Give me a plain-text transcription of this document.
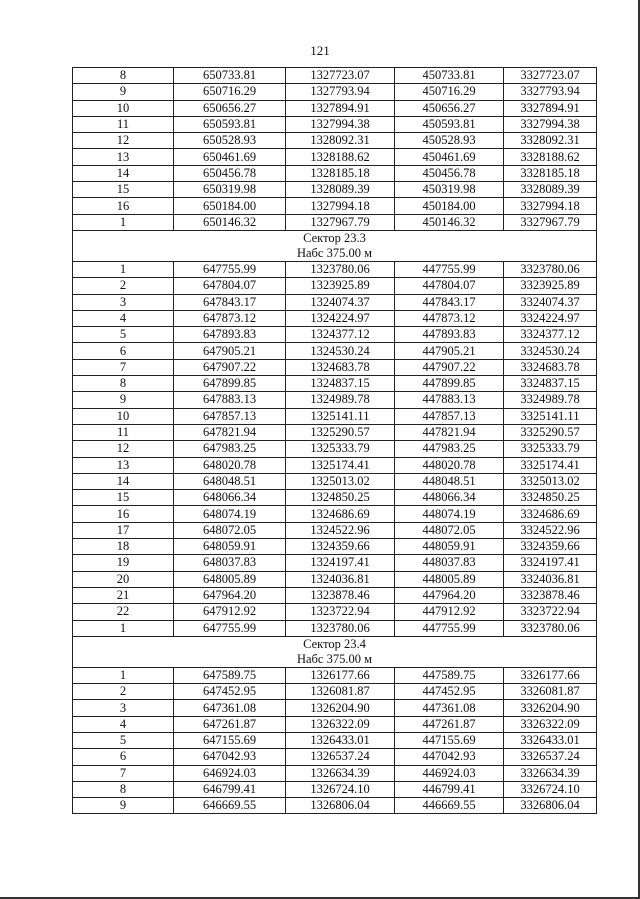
121
8	650733.81	1327723.07	450733.81	3327723.07
9	650716.29	1327793.94	450716.29	3327793.94
10	650656.27	1327894.91	450656.27	3327894.91
11	650593.81	1327994.38	450593.81	3327994.38
12	650528.93	1328092.31	450528.93	3328092.31
13	650461.69	1328188.62	450461.69	3328188.62
14	650456.78	1328185.18	450456.78	3328185.18
15	650319.98	1328089.39	450319.98	3328089.39
16	650184.00	1327994.18	450184.00	3327994.18
1	650146.32	1327967.79	450146.32	3327967.79

Сектор 23.3
Набс 375.00 м				

1	647755.99	1323780.06	447755.99	3323780.06
2	647804.07	1323925.89	447804.07	3323925.89
3	647843.17	1324074.37	447843.17	3324074.37
4	647873.12	1324224.97	447873.12	3324224.97
5	647893.83	1324377.12	447893.83	3324377.12
6	647905.21	1324530.24	447905.21	3324530.24
7	647907.22	1324683.78	447907.22	3324683.78
8	647899.85	1324837.15	447899.85	3324837.15
9	647883.13	1324989.78	447883.13	3324989.78
10	647857.13	1325141.11	447857.13	3325141.11
11	647821.94	1325290.57	447821.94	3325290.57
12	647983.25	1325333.79	447983.25	3325333.79
13	648020.78	1325174.41	448020.78	3325174.41
14	648048.51	1325013.02	448048.51	3325013.02
15	648066.34	1324850.25	448066.34	3324850.25
16	648074.19	1324686.69	448074.19	3324686.69
17	648072.05	1324522.96	448072.05	3324522.96
18	648059.91	1324359.66	448059.91	3324359.66
19	648037.83	1324197.41	448037.83	3324197.41
20	648005.89	1324036.81	448005.89	3324036.81
21	647964.20	1323878.46	447964.20	3323878.46
22	647912.92	1323722.94	447912.92	3323722.94
1	647755.99	1323780.06	447755.99	3323780.06

Сектор 23.4
Набс 375.00 м				

1	647589.75	1326177.66	447589.75	3326177.66
2	647452.95	1326081.87	447452.95	3326081.87
3	647361.08	1326204.90	447361.08	3326204.90
4	647261.87	1326322.09	447261.87	3326322.09
5	647155.69	1326433.01	447155.69	3326433.01
6	647042.93	1326537.24	447042.93	3326537.24
7	646924.03	1326634.39	446924.03	3326634.39
8	646799.41	1326724.10	446799.41	3326724.10
9	646669.55	1326806.04	446669.55	3326806.04
